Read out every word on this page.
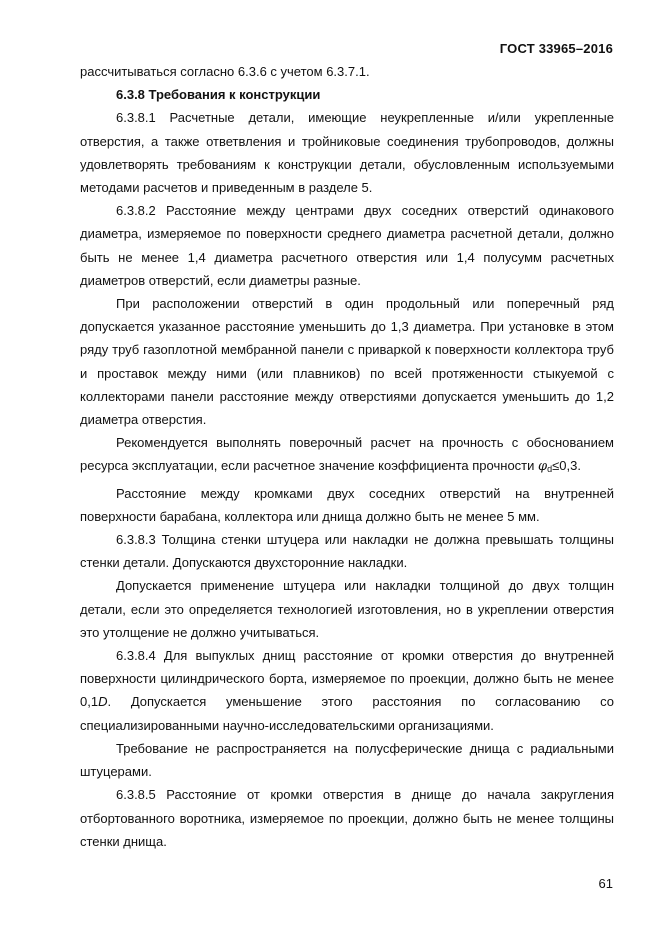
ГОСТ 33965–2016

рассчитываться согласно 6.3.6 с учетом 6.3.7.1.

6.3.8 Требования к конструкции

6.3.8.1 Расчетные детали, имеющие неукрепленные и/или укрепленные отверстия, а также ответвления и тройниковые соединения трубопроводов, должны удовлетворять требованиям к конструкции детали, обусловленным используемыми методами расчетов и приведенным в разделе 5.

6.3.8.2 Расстояние между центрами двух соседних отверстий одинакового диаметра, измеряемое по поверхности среднего диаметра расчетной детали, должно быть не менее 1,4 диаметра расчетного отверстия или 1,4 полусумм расчетных диаметров отверстий, если диаметры разные.

При расположении отверстий в один продольный или поперечный ряд допускается указанное расстояние уменьшить до 1,3 диаметра. При установке в этом ряду труб газоплотной мембранной панели с приваркой к поверхности коллектора труб и проставок между ними (или плавников) по всей протяженности стыкуемой с коллекторами панели расстояние между отверстиями допускается уменьшить до 1,2 диаметра отверстия.

Рекомендуется выполнять поверочный расчет на прочность с обоснованием ресурса эксплуатации, если расчетное значение коэффициента прочности $\varphi_d\le 0,3$.

Расстояние между кромками двух соседних отверстий на внутренней поверхности барабана, коллектора или днища должно быть не менее 5 мм.

6.3.8.3 Толщина стенки штуцера или накладки не должна превышать толщины стенки детали. Допускаются двухсторонние накладки.

Допускается применение штуцера или накладки толщиной до двух толщин детали, если это определяется технологией изготовления, но в укреплении отверстия это утолщение не должно учитываться.

6.3.8.4 Для выпуклых днищ расстояние от кромки отверстия до внутренней поверхности цилиндрического борта, измеряемое по проекции, должно быть не менее 0,1D. Допускается уменьшение этого расстояния по согласованию со специализированными научно-исследовательскими организациями.

Требование не распространяется на полусферические днища с радиальными штуцерами.

6.3.8.5 Расстояние от кромки отверстия в днище до начала закругления отбортованного воротника, измеряемое по проекции, должно быть не менее толщины стенки днища.

61
